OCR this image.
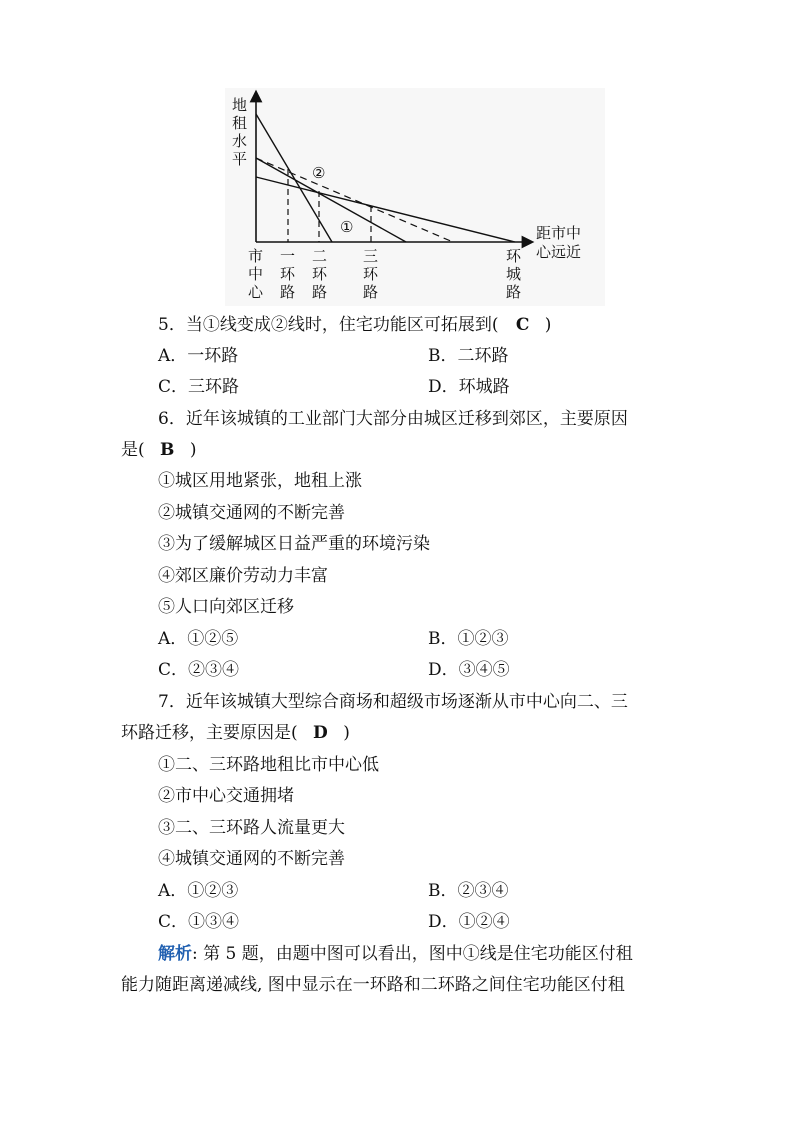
②
①
地
租
水
平
距市中
心远近
市
中
心
一
环
路
二
环
路
三
环
路
环
城
路
5．当①线变成②线时，住宅功能区可拓展到( C )
A．一环路	B．二环路
C．三环路	D．环城路
6．近年该城镇的工业部门大部分由城区迁移到郊区，主要原因
是( B )
①城区用地紧张，地租上涨
②城镇交通网的不断完善
③为了缓解城区日益严重的环境污染
④郊区廉价劳动力丰富
⑤人口向郊区迁移
A．①②⑤	B．①②③
C．②③④	D．③④⑤
7．近年该城镇大型综合商场和超级市场逐渐从市中心向二、三
环路迁移，主要原因是( D )
①二、三环路地租比市中心低
②市中心交通拥堵
③二、三环路人流量更大
④城镇交通网的不断完善
A．①②③	B．②③④
C．①③④	D．①②④
解析: 第 5 题，由题中图可以看出，图中①线是住宅功能区付租
能力随距离递减线, 图中显示在一环路和二环路之间住宅功能区付租
